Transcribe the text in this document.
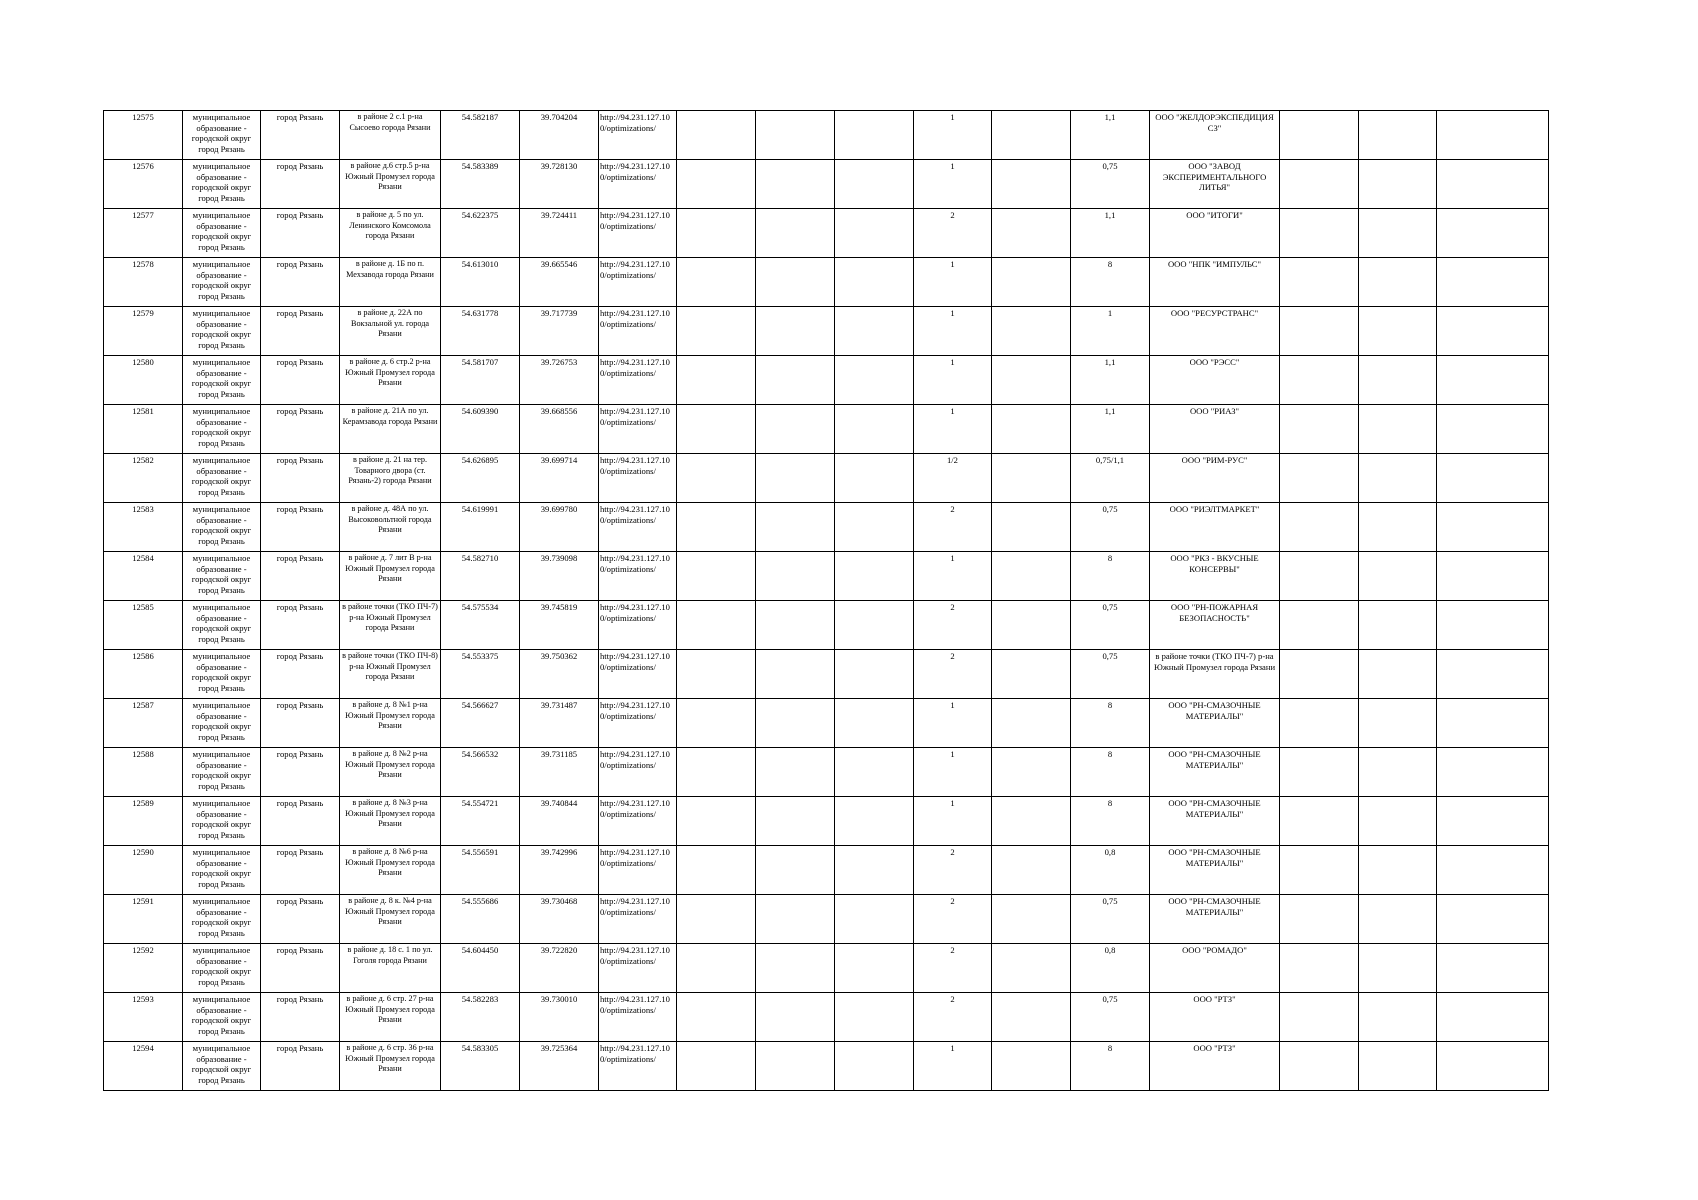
12575	муниципальное образование - городской округ город Рязань	город Рязань	в районе 2 с.1 р-на Сысоево города Рязани	54.582187	39.704204	http://94.231.127.100/optimizations/				1		1,1	ООО "ЖЕЛДОРЭКСПЕДИЦИЯ СЗ"			
12576	муниципальное образование - городской округ город Рязань	город Рязань	в районе д.6 стр.5 р-на Южный Промузел города Рязани	54.583389	39.728130	http://94.231.127.100/optimizations/				1		0,75	ООО "ЗАВОД ЭКСПЕРИМЕНТАЛЬНОГО ЛИТЬЯ"			
12577	муниципальное образование - городской округ город Рязань	город Рязань	в районе д. 5 по ул. Ленинского Комсомола города Рязани	54.622375	39.724411	http://94.231.127.100/optimizations/				2		1,1	ООО "ИТОГИ"			
12578	муниципальное образование - городской округ город Рязань	город Рязань	в районе д. 1Б по п. Мехзавода города Рязани	54.613010	39.665546	http://94.231.127.100/optimizations/				1		8	ООО "НПК "ИМПУЛЬС"			
12579	муниципальное образование - городской округ город Рязань	город Рязань	в районе д. 22А по Вокзальной ул. города Рязани	54.631778	39.717739	http://94.231.127.100/optimizations/				1		1	ООО "РЕСУРСТРАНС"			
12580	муниципальное образование - городской округ город Рязань	город Рязань	в районе д. 6 стр.2 р-на Южный Промузел города Рязани	54.581707	39.726753	http://94.231.127.100/optimizations/				1		1,1	ООО "РЭСС"			
12581	муниципальное образование - городской округ город Рязань	город Рязань	в районе д. 21А по ул. Керамзавода города Рязани	54.609390	39.668556	http://94.231.127.100/optimizations/				1		1,1	ООО "РИАЗ"			
12582	муниципальное образование - городской округ город Рязань	город Рязань	в районе д. 21 на тер. Товарного двора (ст. Рязань-2) города Рязани	54.626895	39.699714	http://94.231.127.100/optimizations/				1/2		0,75/1,1	ООО "РИМ-РУС"			
12583	муниципальное образование - городской округ город Рязань	город Рязань	в районе д. 48А по ул. Высоковольтной города Рязани	54.619991	39.699780	http://94.231.127.100/optimizations/				2		0,75	ООО "РИЭЛТМАРКЕТ"			
12584	муниципальное образование - городской округ город Рязань	город Рязань	в районе д. 7 лит В р-на Южный Промузел города Рязани	54.582710	39.739098	http://94.231.127.100/optimizations/				1		8	ООО "РКЗ - ВКУСНЫЕ КОНСЕРВЫ"			
12585	муниципальное образование - городской округ город Рязань	город Рязань	в районе точки (ТКО ПЧ-7) р-на Южный Промузел города Рязани	54.575534	39.745819	http://94.231.127.100/optimizations/				2		0,75	ООО "РН-ПОЖАРНАЯ БЕЗОПАСНОСТЬ"			
12586	муниципальное образование - городской округ город Рязань	город Рязань	в районе точки (ТКО ПЧ-8) р-на Южный Промузел города Рязани	54.553375	39.750362	http://94.231.127.100/optimizations/				2		0,75	в районе точки (ТКО ПЧ-7) р-на Южный Промузел города Рязани			
12587	муниципальное образование - городской округ город Рязань	город Рязань	в районе д. 8 №1 р-на Южный Промузел города Рязани	54.566627	39.731487	http://94.231.127.100/optimizations/				1		8	ООО "РН-СМАЗОЧНЫЕ МАТЕРИАЛЫ"			
12588	муниципальное образование - городской округ город Рязань	город Рязань	в районе д. 8 №2 р-на Южный Промузел города Рязани	54.566532	39.731185	http://94.231.127.100/optimizations/				1		8	ООО "РН-СМАЗОЧНЫЕ МАТЕРИАЛЫ"			
12589	муниципальное образование - городской округ город Рязань	город Рязань	в районе д. 8 №3 р-на Южный Промузел города Рязани	54.554721	39.740844	http://94.231.127.100/optimizations/				1		8	ООО "РН-СМАЗОЧНЫЕ МАТЕРИАЛЫ"			
12590	муниципальное образование - городской округ город Рязань	город Рязань	в районе д. 8 №6 р-на Южный Промузел города Рязани	54.556591	39.742996	http://94.231.127.100/optimizations/				2		0,8	ООО "РН-СМАЗОЧНЫЕ МАТЕРИАЛЫ"			
12591	муниципальное образование - городской округ город Рязань	город Рязань	в районе д. 8 к. №4 р-на Южный Промузел города Рязани	54.555686	39.730468	http://94.231.127.100/optimizations/				2		0,75	ООО "РН-СМАЗОЧНЫЕ МАТЕРИАЛЫ"			
12592	муниципальное образование - городской округ город Рязань	город Рязань	в районе д. 18 с. 1 по ул. Гоголя города Рязани	54.604450	39.722820	http://94.231.127.100/optimizations/				2		0,8	ООО "РОМАДО"			
12593	муниципальное образование - городской округ город Рязань	город Рязань	в районе д. 6 стр. 27 р-на Южный Промузел города Рязани	54.582283	39.730010	http://94.231.127.100/optimizations/				2		0,75	ООО "РТЗ"			
12594	муниципальное образование - городской округ город Рязань	город Рязань	в районе д. 6 стр. 36 р-на Южный Промузел города Рязани	54.583305	39.725364	http://94.231.127.100/optimizations/				1		8	ООО "РТЗ"			
